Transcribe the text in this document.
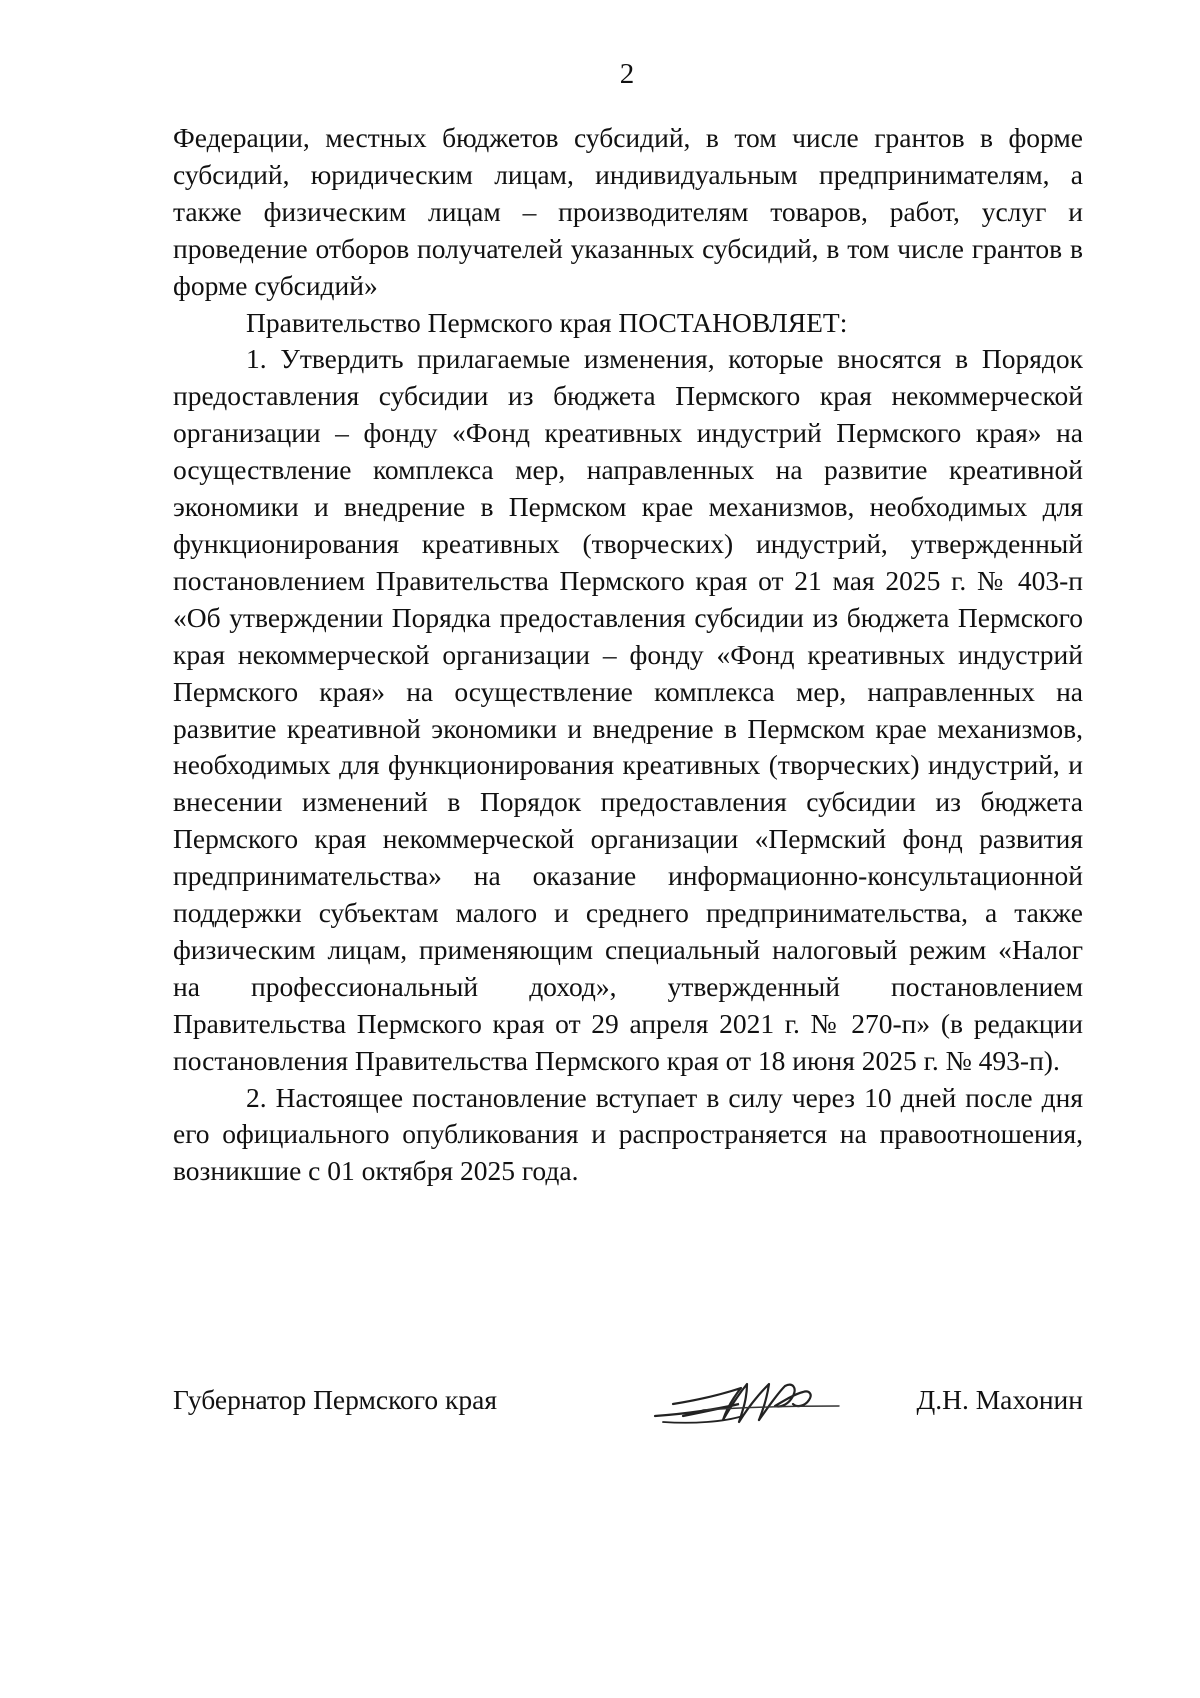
2

Федерации, местных бюджетов субсидий, в том числе грантов в форме субсидий, юридическим лицам, индивидуальным предпринимателям, а также физическим лицам – производителям товаров, работ, услуг и проведение отборов получателей указанных субсидий, в том числе грантов в форме субсидий»

Правительство Пермского края ПОСТАНОВЛЯЕТ:

1. Утвердить прилагаемые изменения, которые вносятся в Порядок предоставления субсидии из бюджета Пермского края некоммерческой организации – фонду «Фонд креативных индустрий Пермского края» на осуществление комплекса мер, направленных на развитие креативной экономики и внедрение в Пермском крае механизмов, необходимых для функционирования креативных (творческих) индустрий, утвержденный постановлением Правительства Пермского края от 21 мая 2025 г. № 403-п «Об утверждении Порядка предоставления субсидии из бюджета Пермского края некоммерческой организации – фонду «Фонд креативных индустрий Пермского края» на осуществление комплекса мер, направленных на развитие креативной экономики и внедрение в Пермском крае механизмов, необходимых для функционирования креативных (творческих) индустрий, и внесении изменений в Порядок предоставления субсидии из бюджета Пермского края некоммерческой организации «Пермский фонд развития предпринимательства» на оказание информационно-консультационной поддержки субъектам малого и среднего предпринимательства, а также физическим лицам, применяющим специальный налоговый режим «Налог на профессиональный доход», утвержденный постановлением Правительства Пермского края от 29 апреля 2021 г. № 270-п» (в редакции постановления Правительства Пермского края от 18 июня 2025 г. № 493-п).

2. Настоящее постановление вступает в силу через 10 дней после дня его официального опубликования и распространяется на правоотношения, возникшие с 01 октября 2025 года.

Губернатор Пермского края	Д.Н. Махонин
